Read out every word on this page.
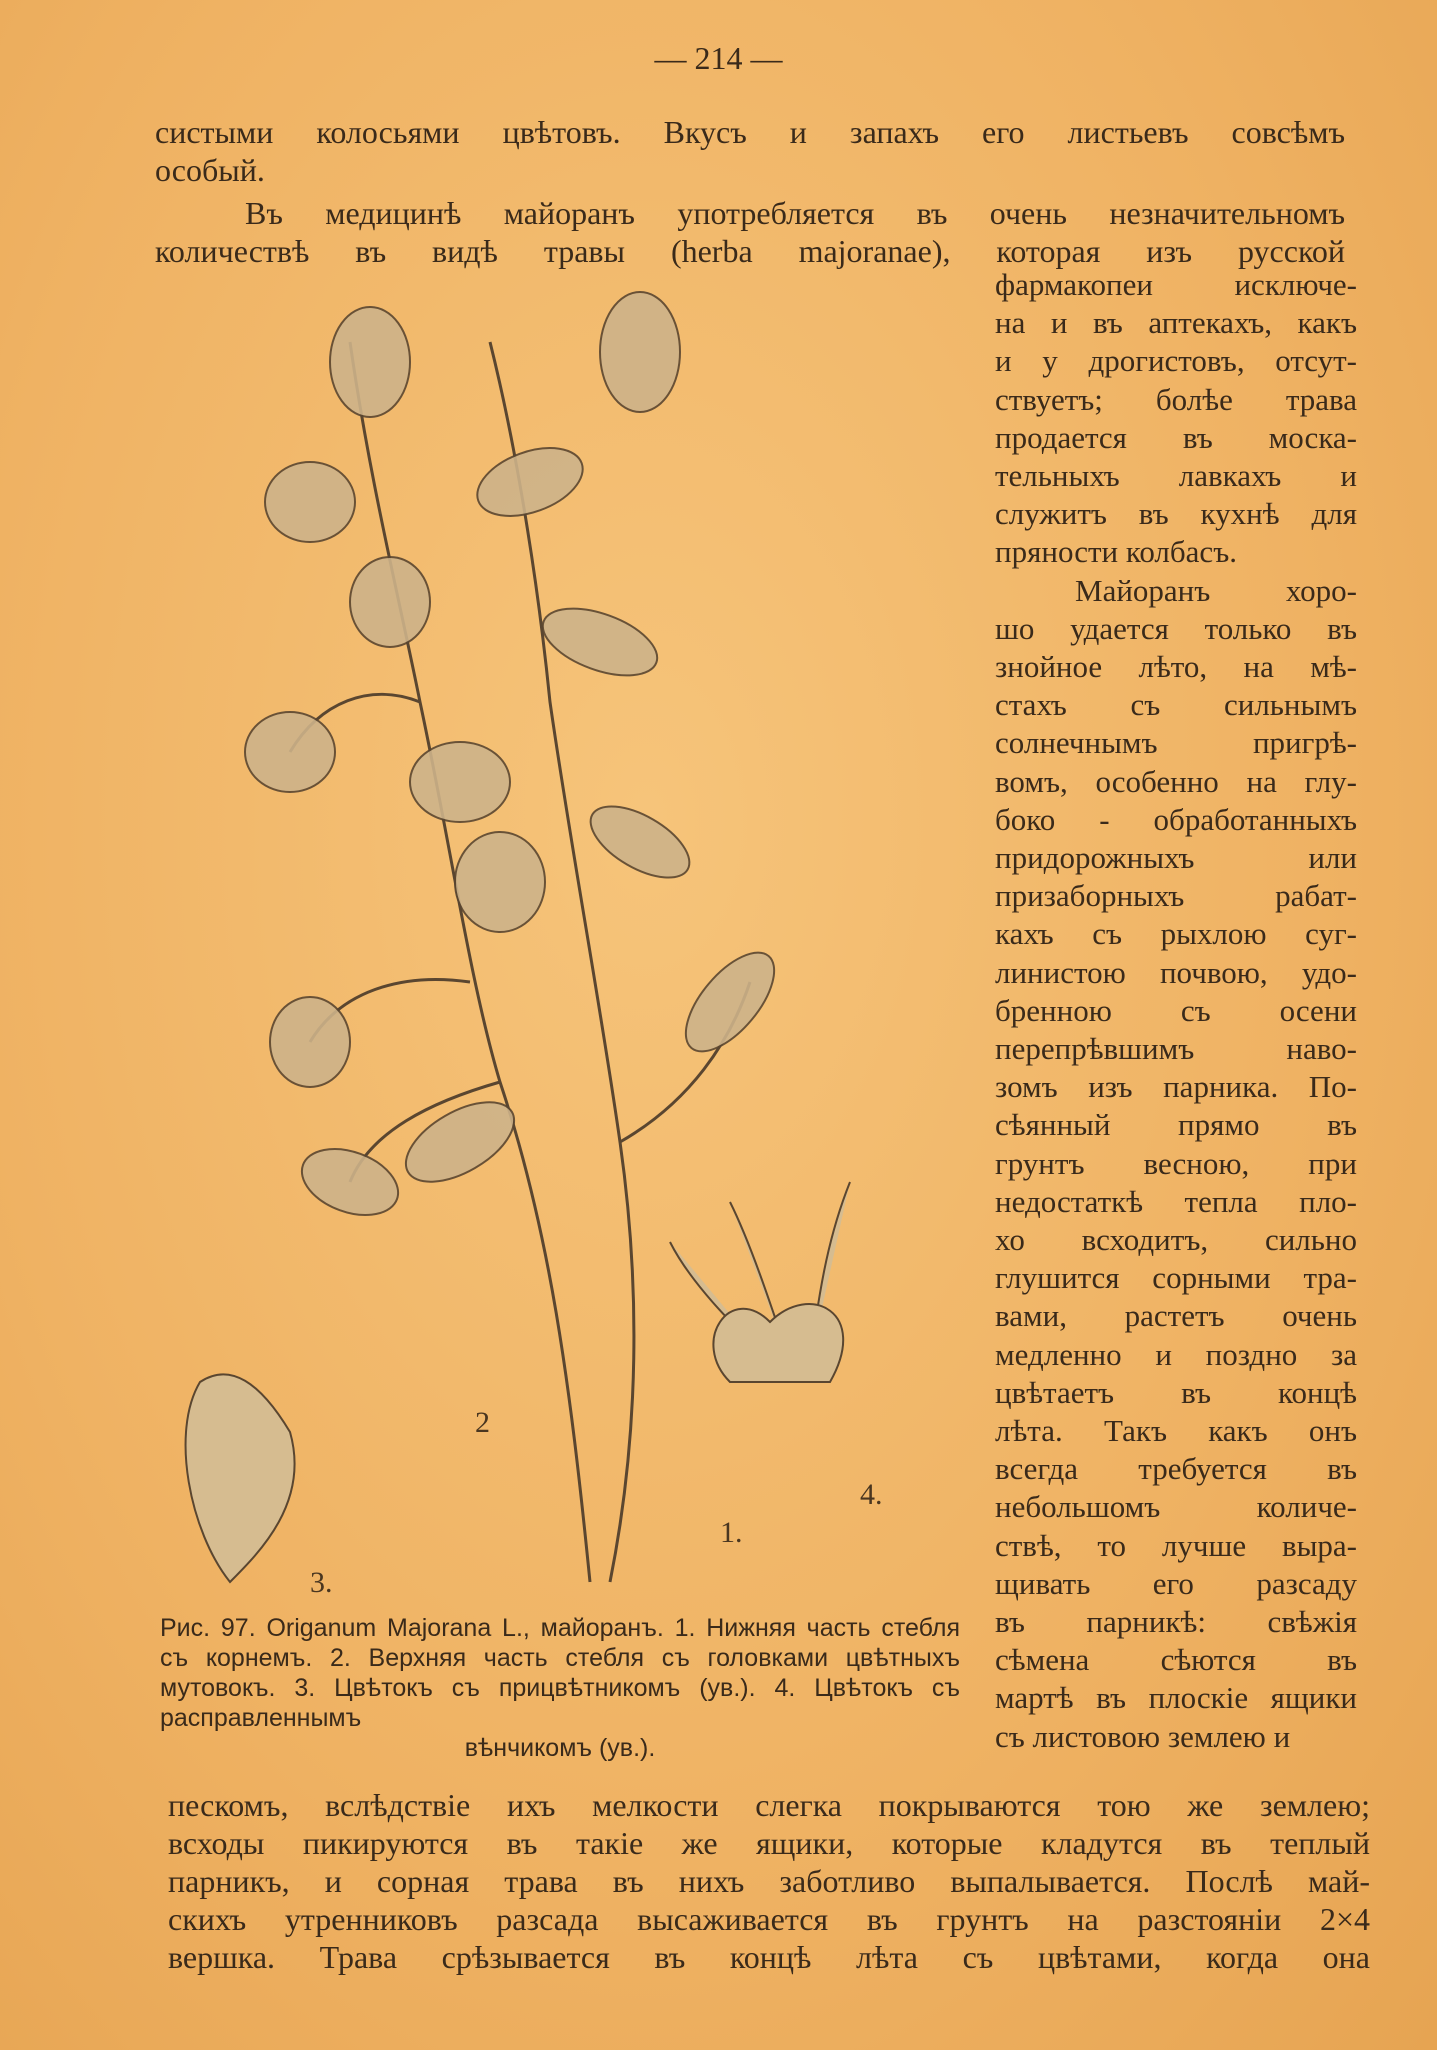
— 214 —
систыми колосьями цвѣтовъ. Вкусъ и запахъ его листьевъ совсѣмъ
особый.
Въ медицинѣ майоранъ употребляется въ очень незначительномъ
количествѣ въ видѣ травы (herba majoranae), которая изъ русской
фармакопеи исключе-
на и въ аптекахъ, какъ
и у дрогистовъ, отсут-
ствуетъ; болѣе трава
продается въ моска-
тельныхъ лавкахъ и
служитъ въ кухнѣ для
пряности колбасъ.
Майоранъ хоро-
шо удается только въ
знойное лѣто, на мѣ-
стахъ съ сильнымъ
солнечнымъ пригрѣ-
вомъ, особенно на глу-
боко - обработанныхъ
придорожныхъ или
призаборныхъ рабат-
кахъ съ рыхлою суг-
линистою почвою, удо-
бренною съ осени
перепрѣвшимъ наво-
зомъ изъ парника. По-
сѣянный прямо въ
грунтъ весною, при
недостаткѣ тепла пло-
хо всходитъ, сильно
глушится сорными тра-
вами, растетъ очень
медленно и поздно за
цвѣтаетъ въ концѣ
лѣта. Такъ какъ онъ
всегда требуется въ
небольшомъ количе-
ствѣ, то лучше выра-
щивать его разсаду
въ парникѣ: свѣжія
сѣмена сѣются въ
мартѣ въ плоскіе ящики
съ листовою землею и
1.
2
3.
4.
Рис. 97. Origanum Majorana L., майоранъ. 1. Нижняя часть стебля съ корнемъ. 2. Верхняя часть стебля съ головками цвѣтныхъ мутовокъ. 3. Цвѣтокъ съ прицвѣтникомъ (ув.). 4. Цвѣтокъ съ расправленнымъ
вѣнчикомъ (ув.).
пескомъ, вслѣдствіе ихъ мелкости слегка покрываются тою же землею;
всходы пикируются въ такіе же ящики, которые кладутся въ теплый
парникъ, и сорная трава въ нихъ заботливо выпалывается. Послѣ май-
скихъ утренниковъ разсада высаживается въ грунтъ на разстояніи 2×4
вершка. Трава срѣзывается въ концѣ лѣта съ цвѣтами, когда она
